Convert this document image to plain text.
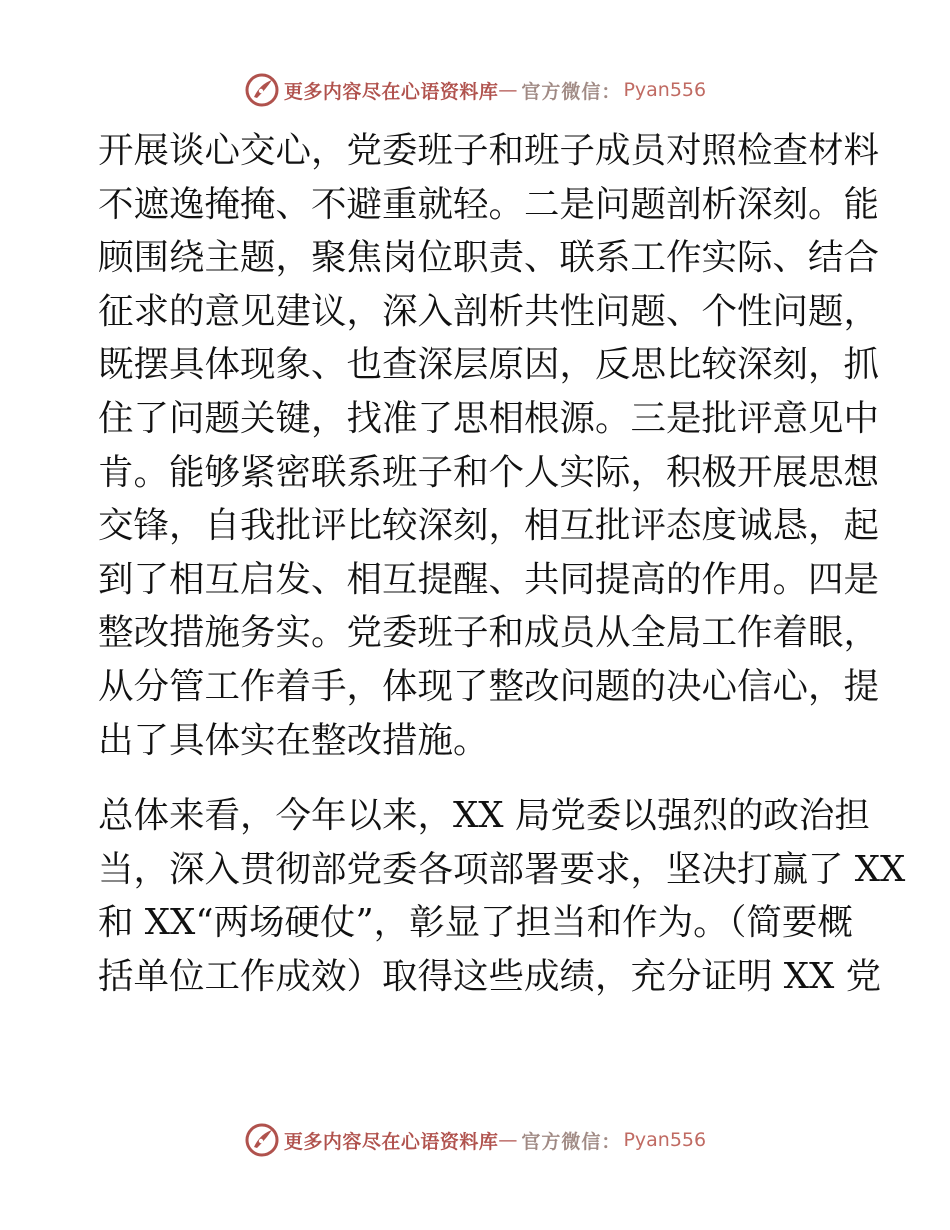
更多内容尽在心语资料库 — 官方微信： Pyan556

开展谈心交心，党委班子和班子成员对照检查材料
不遮逸掩掩、不避重就轻。二是问题剖析深刻。能
顾围绕主题，聚焦岗位职责、联系工作实际、结合
征求的意见建议，深入剖析共性问题、个性问题，
既摆具体现象、也查深层原因，反思比较深刻，抓
住了问题关键，找准了思相根源。三是批评意见中
肯。能够紧密联系班子和个人实际，积极开展思想
交锋，自我批评比较深刻，相互批评态度诚恳，起
到了相互启发、相互提醒、共同提高的作用。四是
整改措施务实。党委班子和成员从全局工作着眼，
从分管工作着手，体现了整改问题的决心信心，提
出了具体实在整改措施。

总体来看，今年以来，XX 局党委以强烈的政治担
当，深入贯彻部党委各项部署要求，坚决打赢了 XX
和 XX“两场硬仗”，彰显了担当和作为。（简要概
括单位工作成效）取得这些成绩，充分证明 XX 党

更多内容尽在心语资料库 — 官方微信： Pyan556
